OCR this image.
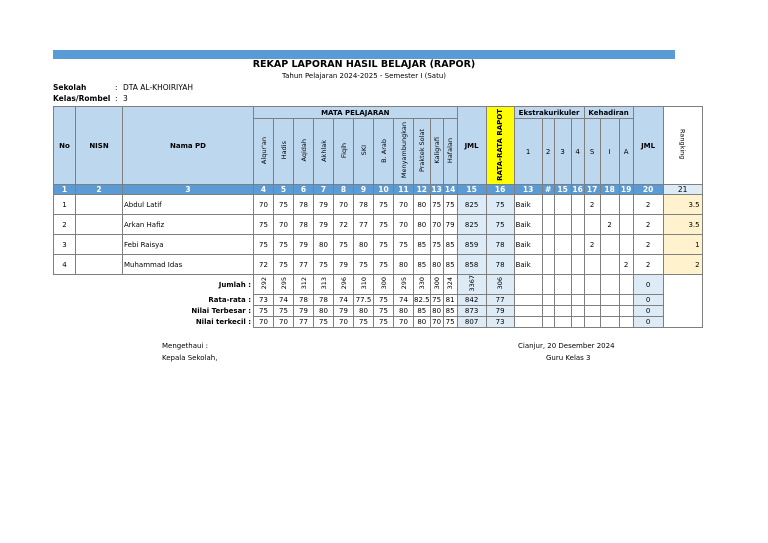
REKAP LAPORAN HASIL BELAJAR (RAPOR)
Tahun Pelajaran 2024-2025 - Semester I (Satu)
Sekolah	: DTA AL-KHOIRIYAH
Kelas/Rombel : 3
No	NISN	Nama PD	MATA PELAJARAN											JML	RATA-RATA RAPOT	Ekstrakurikuler				Kehadiran			JML	Rangking
			Alqur'an	Hadis	Aqidah	Akhlak	Fiqih	SKI	B. Arab	Menyambungkan	Praktek Solat	Kaligrafi	Hafalan			1	2	3	4	S	I	A		
1	2	3	4	5	6	7	8	9	10	11	12	13	14	15	16	13	#	15	16	17	18	19	20	21
1		Abdul Latif	70	75	78	79	70	78	75	70	80	75	75	825	75	Baik				2			2	3.5
2		Arkan Hafiz	75	70	78	79	72	77	75	70	80	70	79	825	75	Baik					2		2	3.5
3		Febi Raisya	75	75	79	80	75	80	75	75	85	75	85	859	78	Baik				2			2	1
4		Muhammad Idas	72	75	77	75	79	75	75	80	85	80	85	858	78	Baik						2	2	2
Jumlah :			292	295	312	313	296	310	300	295	330	300	324	3367	306								0	
Rata-rata :			73	74	78	78	74	77.5	75	74	82.5	75	81	842	77								0	
Nilai Terbesar :			75	75	79	80	79	80	75	80	85	80	85	873	79								0	
Nilai terkecil :			70	70	77	75	70	75	75	70	80	70	75	807	73								0	
Mengethaui :
Kepala Sekolah,
Cianjur, 20 Desember 2024
Guru Kelas 3
